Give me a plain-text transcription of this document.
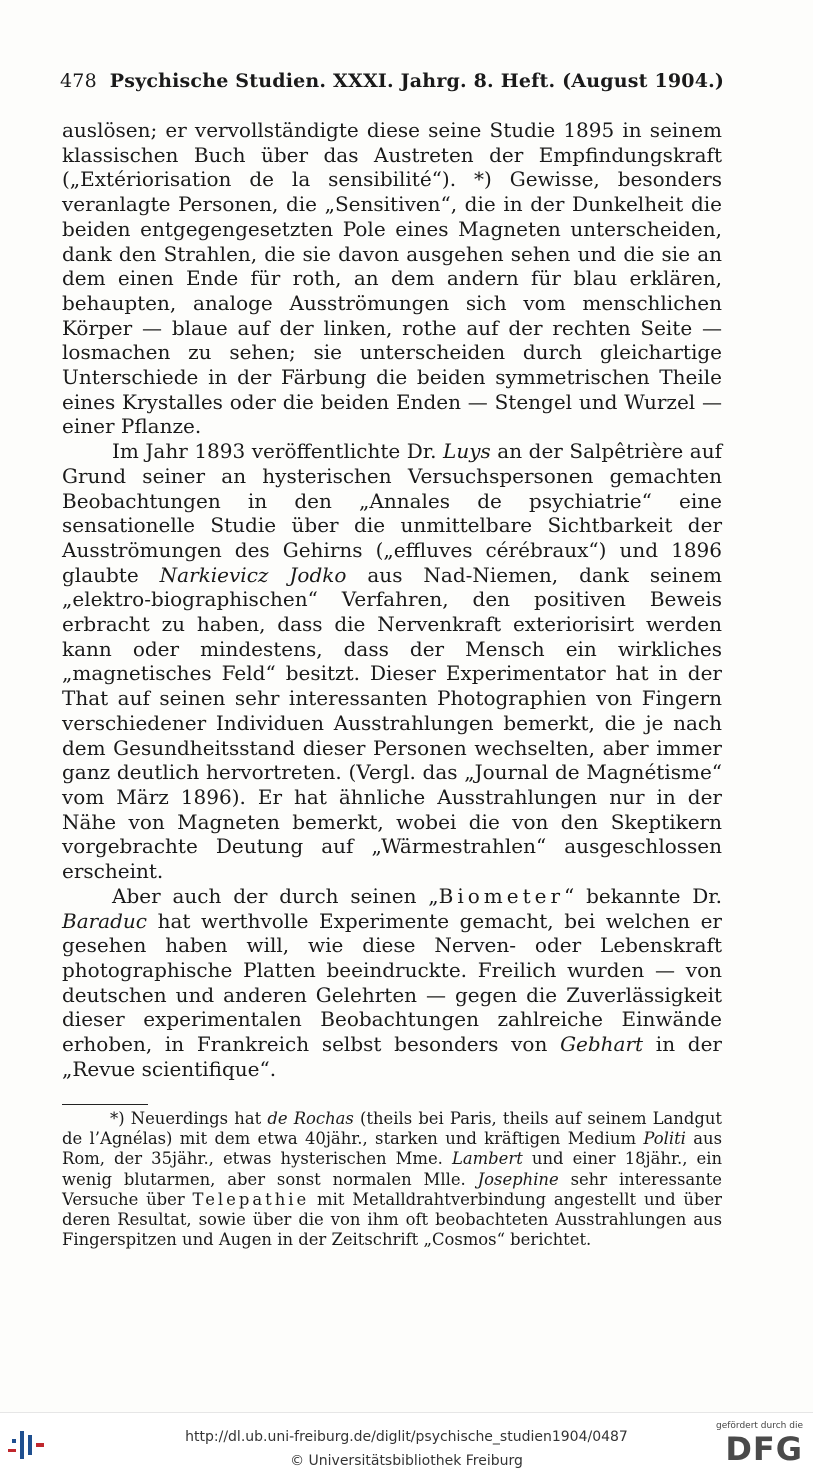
478 Psychische Studien. XXXI. Jahrg. 8. Heft. (August 1904.)

auslösen; er vervollständigte diese seine Studie 1895 in seinem klassischen Buch über das Austreten der Empfindungskraft („Extériorisation de la sensibilité“). *) Gewisse, besonders veranlagte Personen, die „Sensitiven“, die in der Dunkelheit die beiden entgegengesetzten Pole eines Magneten unterscheiden, dank den Strahlen, die sie davon ausgehen sehen und die sie an dem einen Ende für roth, an dem andern für blau erklären, behaupten, analoge Ausströmungen sich vom menschlichen Körper — blaue auf der linken, rothe auf der rechten Seite — losmachen zu sehen; sie unterscheiden durch gleichartige Unterschiede in der Färbung die beiden symmetrischen Theile eines Krystalles oder die beiden Enden — Stengel und Wurzel — einer Pflanze.

Im Jahr 1893 veröffentlichte Dr. Luys an der Salpêtrière auf Grund seiner an hysterischen Versuchspersonen gemachten Beobachtungen in den „Annales de psychiatrie“ eine sensationelle Studie über die unmittelbare Sichtbarkeit der Ausströmungen des Gehirns („effluves cérébraux“) und 1896 glaubte Narkievicz Jodko aus Nad-Niemen, dank seinem „elektro-biographischen“ Verfahren, den positiven Beweis erbracht zu haben, dass die Nervenkraft exteriorisirt werden kann oder mindestens, dass der Mensch ein wirkliches „magnetisches Feld“ besitzt. Dieser Experimentator hat in der That auf seinen sehr interessanten Photographien von Fingern verschiedener Individuen Ausstrahlungen bemerkt, die je nach dem Gesundheitsstand dieser Personen wechselten, aber immer ganz deutlich hervortreten. (Vergl. das „Journal de Magnétisme“ vom März 1896). Er hat ähnliche Ausstrahlungen nur in der Nähe von Magneten bemerkt, wobei die von den Skeptikern vorgebrachte Deutung auf „Wärmestrahlen“ ausgeschlossen erscheint.

Aber auch der durch seinen „Biometer“ bekannte Dr. Baraduc hat werthvolle Experimente gemacht, bei welchen er gesehen haben will, wie diese Nerven- oder Lebenskraft photographische Platten beeindruckte. Freilich wurden — von deutschen und anderen Gelehrten — gegen die Zuverlässigkeit dieser experimentalen Beobachtungen zahlreiche Einwände erhoben, in Frankreich selbst besonders von Gebhart in der „Revue scientifique“.

*) Neuerdings hat de Rochas (theils bei Paris, theils auf seinem Landgut de l’Agnélas) mit dem etwa 40jähr., starken und kräftigen Medium Politi aus Rom, der 35jähr., etwas hysterischen Mme. Lambert und einer 18jähr., ein wenig blutarmen, aber sonst normalen Mlle. Josephine sehr interessante Versuche über Telepathie mit Metalldrahtverbindung angestellt und über deren Resultat, sowie über die von ihm oft beobachteten Ausstrahlungen aus Fingerspitzen und Augen in der Zeitschrift „Cosmos“ berichtet.

http://dl.ub.uni-freiburg.de/diglit/psychische_studien1904/0487
© Universitätsbibliothek Freiburg
gefördert durch die
DFG
